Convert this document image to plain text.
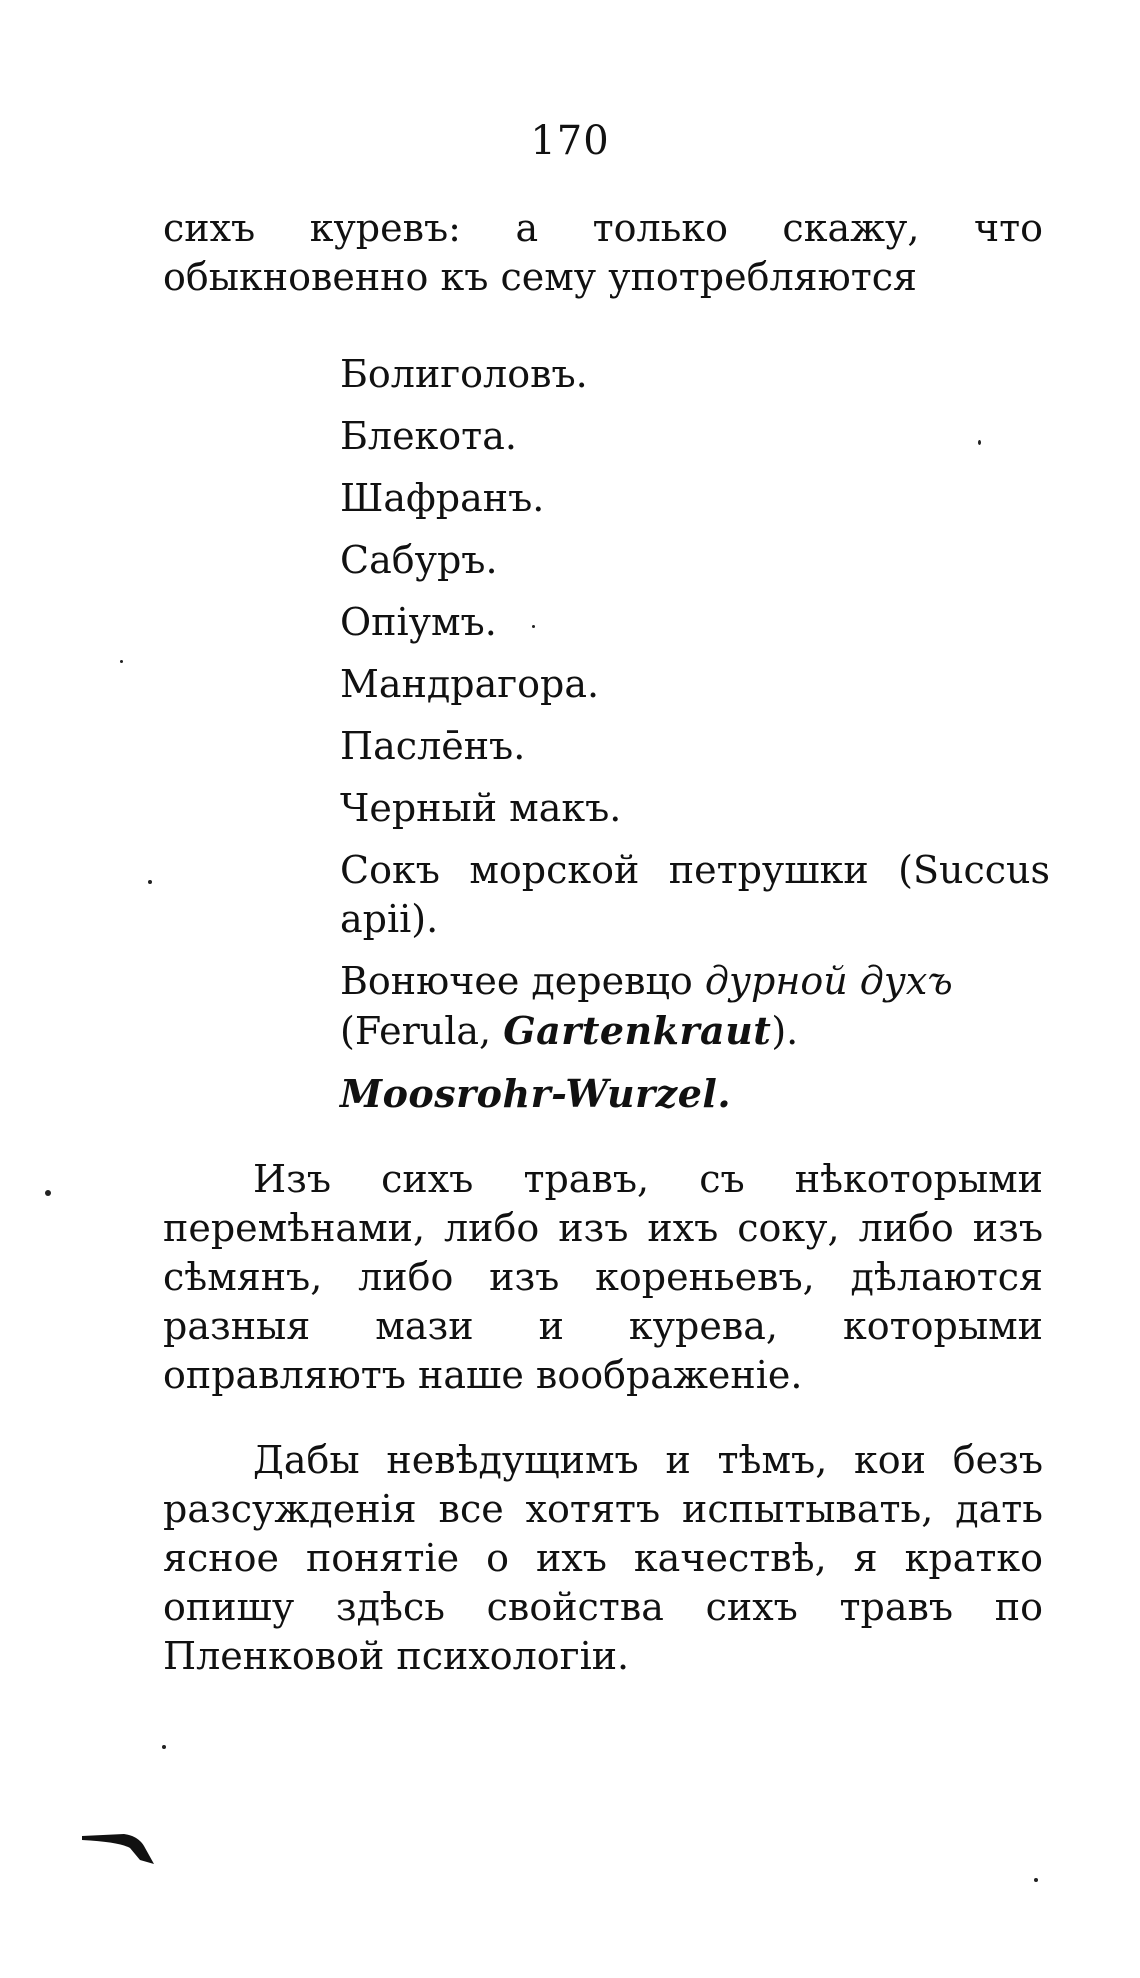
170
сихъ куревъ: а только скажу, что обыкновенно къ сему употребляются
Болиголовъ.
Блекота.
Шафранъ.
Сабуръ.
Опіумъ.
Мандрагора.
Пасле̄нъ.
Черный макъ.
Сокъ морской петрушки (Succus apii).
Вонючее деревцо дурной духъ
(Ferula, Gartenkraut).
Moosrohr-Wurzel.
Изъ сихъ травъ, съ нѣкоторыми перемѣнами, либо изъ ихъ соку, либо изъ сѣмянъ, либо изъ кореньевъ, дѣлаются разныя мази и курева, которыми оправляютъ наше воображеніе.
Дабы невѣдущимъ и тѣмъ, кои безъ разсужденія все хотятъ испытывать, дать ясное понятіе о ихъ качествѣ, я кратко опишу здѣсь свойства сихъ травъ по Пленковой психологіи.
